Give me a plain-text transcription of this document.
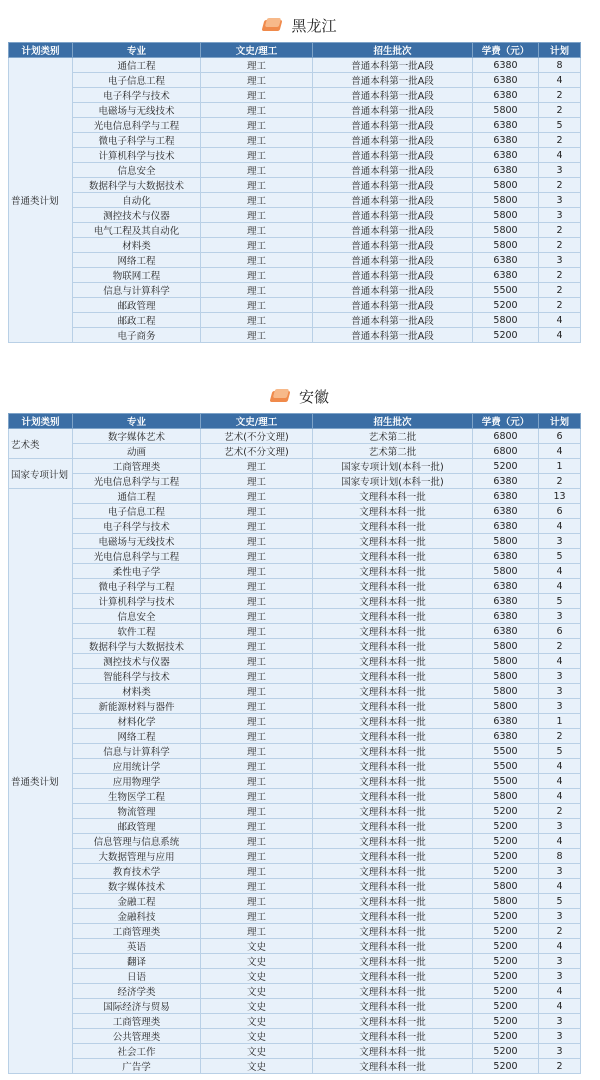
黑龙江
计划类别	专业	文史/理工	招生批次	学费（元）	计划
普通类计划	通信工程	理工	普通本科第一批A段	6380	8
	电子信息工程	理工	普通本科第一批A段	6380	4
	电子科学与技术	理工	普通本科第一批A段	6380	2
	电磁场与无线技术	理工	普通本科第一批A段	5800	2
	光电信息科学与工程	理工	普通本科第一批A段	6380	5
	微电子科学与工程	理工	普通本科第一批A段	6380	2
	计算机科学与技术	理工	普通本科第一批A段	6380	4
	信息安全	理工	普通本科第一批A段	6380	3
	数据科学与大数据技术	理工	普通本科第一批A段	5800	2
	自动化	理工	普通本科第一批A段	5800	3
	测控技术与仪器	理工	普通本科第一批A段	5800	3
	电气工程及其自动化	理工	普通本科第一批A段	5800	2
	材料类	理工	普通本科第一批A段	5800	2
	网络工程	理工	普通本科第一批A段	6380	3
	物联网工程	理工	普通本科第一批A段	6380	2
	信息与计算科学	理工	普通本科第一批A段	5500	2
	邮政管理	理工	普通本科第一批A段	5200	2
	邮政工程	理工	普通本科第一批A段	5800	4
	电子商务	理工	普通本科第一批A段	5200	4
安徽
计划类别	专业	文史/理工	招生批次	学费（元）	计划
艺术类	数字媒体艺术	艺术(不分文理)	艺术第二批	6800	6
	动画	艺术(不分文理)	艺术第二批	6800	4
国家专项计划	工商管理类	理工	国家专项计划(本科一批)	5200	1
	光电信息科学与工程	理工	国家专项计划(本科一批)	6380	2
普通类计划	通信工程	理工	文理科本科一批	6380	13
	电子信息工程	理工	文理科本科一批	6380	6
	电子科学与技术	理工	文理科本科一批	6380	4
	电磁场与无线技术	理工	文理科本科一批	5800	3
	光电信息科学与工程	理工	文理科本科一批	6380	5
	柔性电子学	理工	文理科本科一批	5800	4
	微电子科学与工程	理工	文理科本科一批	6380	4
	计算机科学与技术	理工	文理科本科一批	6380	5
	信息安全	理工	文理科本科一批	6380	3
	软件工程	理工	文理科本科一批	6380	6
	数据科学与大数据技术	理工	文理科本科一批	5800	2
	测控技术与仪器	理工	文理科本科一批	5800	4
	智能科学与技术	理工	文理科本科一批	5800	3
	材料类	理工	文理科本科一批	5800	3
	新能源材料与器件	理工	文理科本科一批	5800	3
	材料化学	理工	文理科本科一批	6380	1
	网络工程	理工	文理科本科一批	6380	2
	信息与计算科学	理工	文理科本科一批	5500	5
	应用统计学	理工	文理科本科一批	5500	4
	应用物理学	理工	文理科本科一批	5500	4
	生物医学工程	理工	文理科本科一批	5800	4
	物流管理	理工	文理科本科一批	5200	2
	邮政管理	理工	文理科本科一批	5200	3
	信息管理与信息系统	理工	文理科本科一批	5200	4
	大数据管理与应用	理工	文理科本科一批	5200	8
	教育技术学	理工	文理科本科一批	5200	3
	数字媒体技术	理工	文理科本科一批	5800	4
	金融工程	理工	文理科本科一批	5800	5
	金融科技	理工	文理科本科一批	5200	3
	工商管理类	理工	文理科本科一批	5200	2
	英语	文史	文理科本科一批	5200	4
	翻译	文史	文理科本科一批	5200	3
	日语	文史	文理科本科一批	5200	3
	经济学类	文史	文理科本科一批	5200	4
	国际经济与贸易	文史	文理科本科一批	5200	4
	工商管理类	文史	文理科本科一批	5200	3
	公共管理类	文史	文理科本科一批	5200	3
	社会工作	文史	文理科本科一批	5200	3
	广告学	文史	文理科本科一批	5200	2
